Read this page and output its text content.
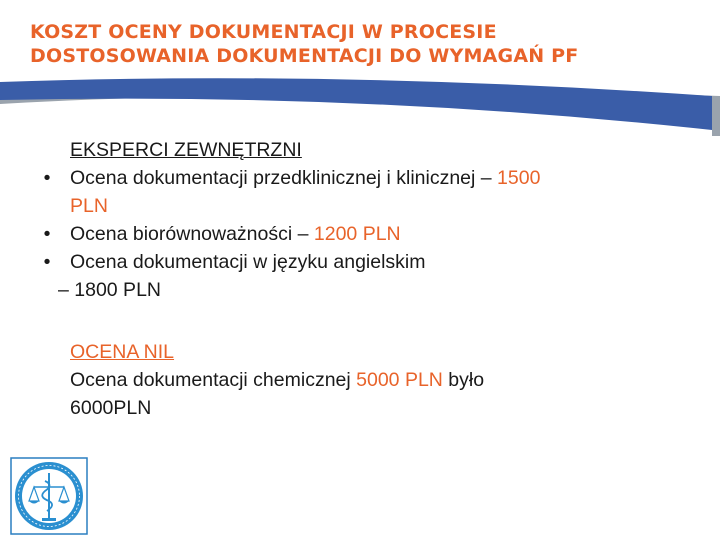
KOSZT OCENY DOKUMENTACJI W PROCESIE
DOSTOSOWANIA DOKUMENTACJI DO WYMAGAŃ PF
EKSPERCI ZEWNĘTRZNI
• Ocena dokumentacji przedklinicznej i klinicznej – 1500
PLN
• Ocena biorównoważności – 1200 PLN
• Ocena dokumentacji w języku angielskim
– 1800 PLN
OCENA NIL
Ocena dokumentacji chemicznej 5000 PLN było
6000PLN
